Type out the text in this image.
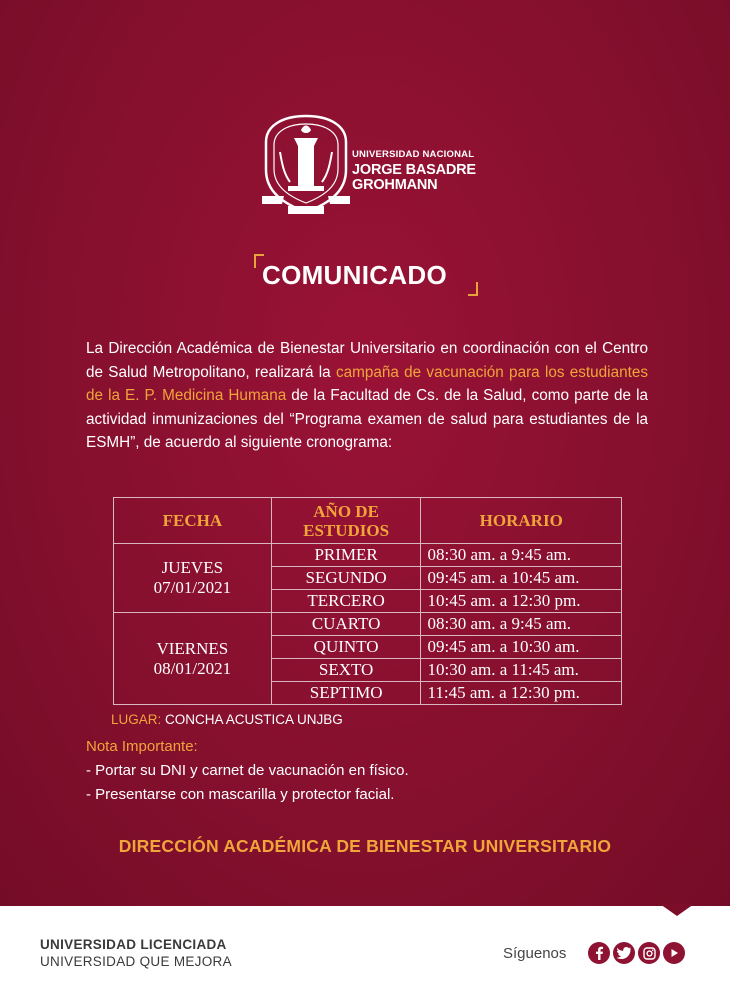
UNIVERSIDAD NACIONAL
JORGE BASADRE
GROHMANN
COMUNICADO
La Dirección Académica de Bienestar Universitario en coordinación con el Centro de Salud Metropolitano, realizará la campaña de vacunación para los estudiantes de la E. P. Medicina Humana de la Facultad de Cs. de la Salud, como parte de la actividad inmunizaciones del “Programa examen de salud para estudiantes de la ESMH”, de acuerdo al siguiente cronograma:
FECHA	AÑO DE ESTUDIOS	HORARIO

JUEVES
07/01/2021	PRIMER	08:30 am. a 9:45 am.
	SEGUNDO	09:45 am. a 10:45 am.
	TERCERO	10:45 am. a 12:30 pm.

VIERNES
08/01/2021	CUARTO	08:30 am. a 9:45 am.
	QUINTO	09:45 am. a 10:30 am.
	SEXTO	10:30 am. a 11:45 am.
	SEPTIMO	11:45 am. a 12:30 pm.
LUGAR: CONCHA ACUSTICA UNJBG
Nota Importante:
- Portar su DNI y carnet de vacunación en físico.
- Presentarse con mascarilla y protector facial.
DIRECCIÓN ACADÉMICA DE BIENESTAR UNIVERSITARIO
UNIVERSIDAD LICENCIADA
UNIVERSIDAD QUE MEJORA	Síguenos
